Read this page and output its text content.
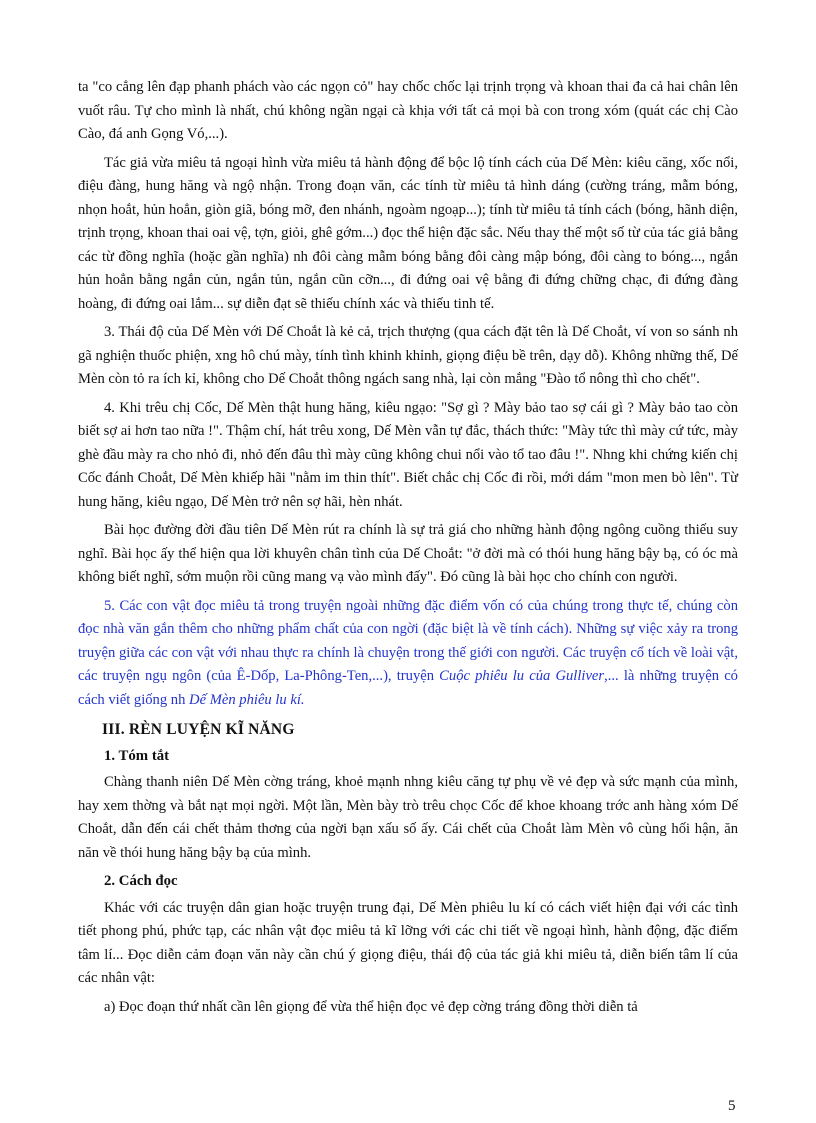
ta "co cẳng lên đạp phanh phách vào các ngọn cỏ" hay chốc chốc lại trịnh trọng và khoan thai đa cả hai chân lên vuốt râu. Tự cho mình là nhất, chú không ngần ngại cà khịa với tất cả mọi bà con trong xóm (quát các chị Cào Cào, đá anh Gọng Vó,...).

Tác giả vừa miêu tả ngoại hình vừa miêu tả hành động để bộc lộ tính cách của Dế Mèn: kiêu căng, xốc nổi, điệu đàng, hung hăng và ngộ nhận. Trong đoạn văn, các tính từ miêu tả hình dáng (cường tráng, mẫm bóng, nhọn hoắt, hủn hoẳn, giòn giã, bóng mỡ, đen nhánh, ngoàm ngoạp...); tính từ miêu tả tính cách (bóng, hãnh diện, trịnh trọng, khoan thai oai vệ, tợn, giỏi, ghê gớm...) đọc thể hiện đặc sắc. Nếu thay thế một số từ của tác giả bằng các từ đồng nghĩa (hoặc gần nghĩa) nh đôi càng mẫm bóng bằng đôi càng mập bóng, đôi càng to bóng..., ngắn hủn hoẳn bằng ngắn củn, ngắn tủn, ngắn cũn cỡn..., đi đứng oai vệ bằng đi đứng chững chạc, đi đứng đàng hoàng, đi đứng oai lắm... sự diễn đạt sẽ thiếu chính xác và thiếu tinh tế.

3. Thái độ của Dế Mèn với Dế Choắt là kẻ cả, trịch thượng (qua cách đặt tên là Dế Choắt, ví von so sánh nh gã nghiện thuốc phiện, xng hô chú mày, tính tình khinh khỉnh, giọng điệu bề trên, dạy dỗ). Không những thế, Dế Mèn còn tỏ ra ích kỉ, không cho Dế Choắt thông ngách sang nhà, lại còn mắng "Đào tổ nông thì cho chết".

4. Khi trêu chị Cốc, Dế Mèn thật hung hăng, kiêu ngạo: "Sợ gì ? Mày bảo tao sợ cái gì ? Mày bảo tao còn biết sợ ai hơn tao nữa !". Thậm chí, hát trêu xong, Dế Mèn vẫn tự đắc, thách thức: "Mày tức thì mày cứ tức, mày ghè đầu mày ra cho nhỏ đi, nhỏ đến đâu thì mày cũng không chui nổi vào tổ tao đâu !". Nhng khi chứng kiến chị Cốc đánh Choắt, Dế Mèn khiếp hãi "nằm im thin thít". Biết chắc chị Cốc đi rồi, mới dám "mon men bò lên". Từ hung hăng, kiêu ngạo, Dế Mèn trở nên sợ hãi, hèn nhát.

Bài học đường đời đầu tiên Dế Mèn rút ra chính là sự trả giá cho những hành động ngông cuồng thiếu suy nghĩ. Bài học ấy thể hiện qua lời khuyên chân tình của Dế Choắt: "ở đời mà có thói hung hăng bậy bạ, có óc mà không biết nghĩ, sớm muộn rồi cũng mang vạ vào mình đấy". Đó cũng là bài học cho chính con người.

5. Các con vật đọc miêu tả trong truyện ngoài những đặc điểm vốn có của chúng trong thực tế, chúng còn đọc nhà văn gắn thêm cho những phẩm chất của con ngời (đặc biệt là về tính cách). Những sự việc xảy ra trong truyện giữa các con vật với nhau thực ra chính là chuyện trong thế giới con người. Các truyện cổ tích về loài vật, các truyện ngụ ngôn (của Ê-Dốp, La-Phông-Ten,...), truyện Cuộc phiêu lu của Gulliver,... là những truyện có cách viết giống nh Dế Mèn phiêu lu kí.

III. RÈN LUYỆN KĨ NĂNG
1. Tóm tắt

Chàng thanh niên Dế Mèn cờng tráng, khoẻ mạnh nhng kiêu căng tự phụ về vẻ đẹp và sức mạnh của mình, hay xem thờng và bắt nạt mọi ngời. Một lần, Mèn bày trò trêu chọc Cốc để khoe khoang trớc anh hàng xóm Dế Choắt, dẫn đến cái chết thảm thơng của ngời bạn xấu số ấy. Cái chết của Choắt làm Mèn vô cùng hối hận, ăn năn về thói hung hăng bậy bạ của mình.

2. Cách đọc

Khác với các truyện dân gian hoặc truyện trung đại, Dế Mèn phiêu lu kí có cách viết hiện đại với các tình tiết phong phú, phức tạp, các nhân vật đọc miêu tả kĩ lỡng với các chi tiết về ngoại hình, hành động, đặc điểm tâm lí... Đọc diễn cảm đoạn văn này cần chú ý giọng điệu, thái độ của tác giả khi miêu tả, diễn biến tâm lí của các nhân vật:

a) Đọc đoạn thứ nhất cần lên giọng để vừa thể hiện đọc vẻ đẹp cờng tráng đồng thời diễn tả

5
